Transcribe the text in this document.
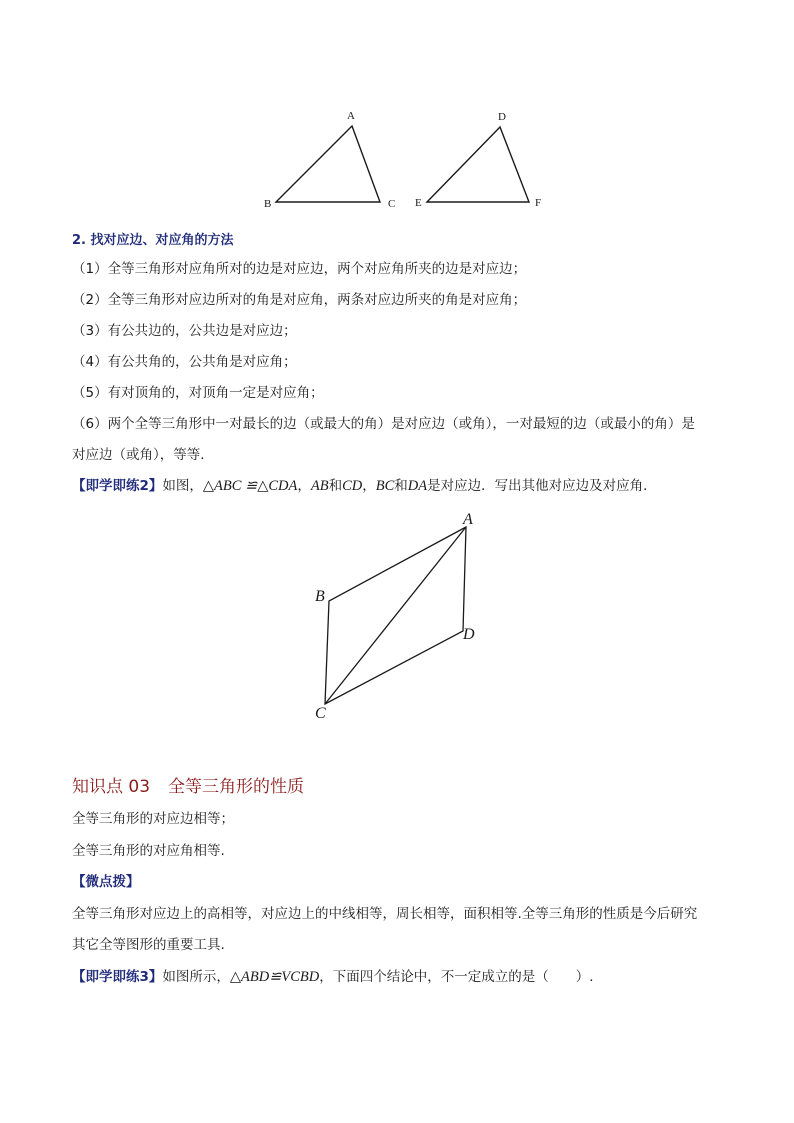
A
B	C
D
E	F
2. 找对应边、对应角的方法
（1）全等三角形对应角所对的边是对应边，两个对应角所夹的边是对应边；
（2）全等三角形对应边所对的角是对应角，两条对应边所夹的角是对应角；
（3）有公共边的，公共边是对应边；
（4）有公共角的，公共角是对应角；
（5）有对顶角的，对顶角一定是对应角；
（6）两个全等三角形中一对最长的边（或最大的角）是对应边（或角），一对最短的边（或最小的角）是
对应边（或角），等等.
【即学即练2】如图，△ABC ≌△CDA，AB和CD，BC和DA是对应边．写出其他对应边及对应角．
A
B
C
D
知识点 03 全等三角形的性质
全等三角形的对应边相等；
全等三角形的对应角相等.
【微点拨】
全等三角形对应边上的高相等，对应边上的中线相等，周长相等，面积相等.全等三角形的性质是今后研究
其它全等图形的重要工具.
【即学即练3】如图所示，△ABD≌VCBD，下面四个结论中，不一定成立的是（　　）.
